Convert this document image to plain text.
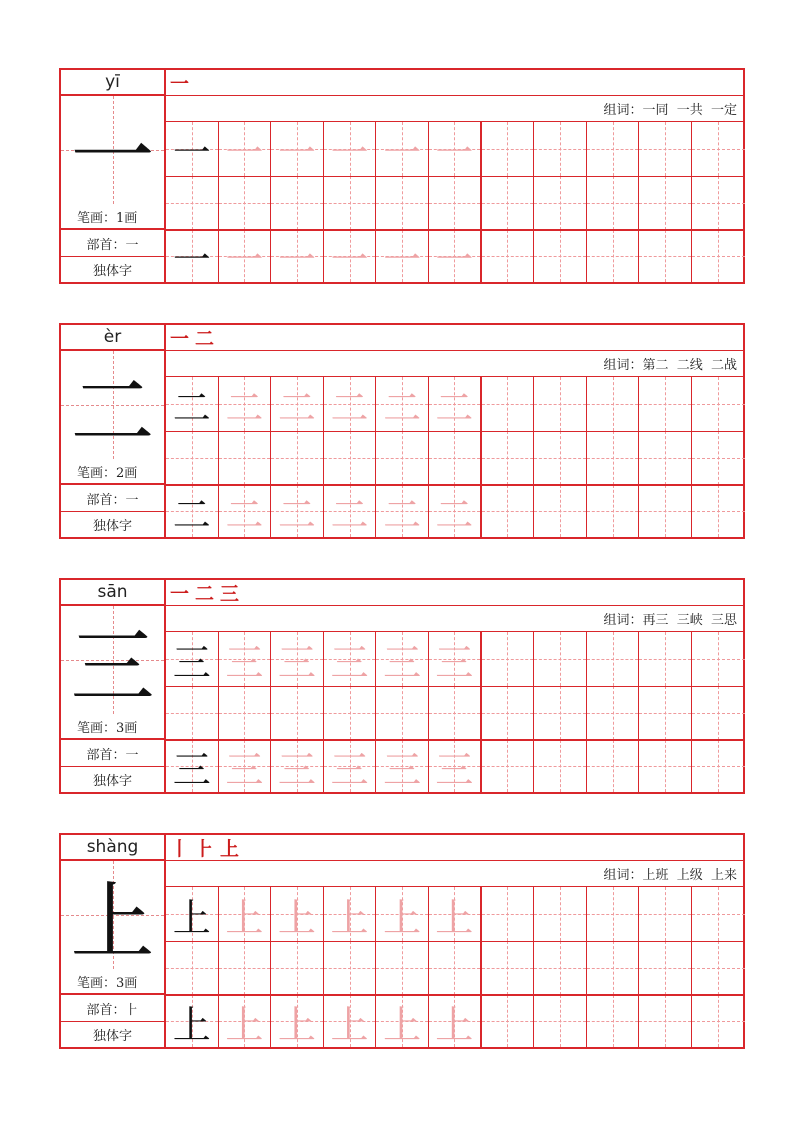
yī
一
笔画：1画
部首：一
独体字
一
组词：一同  一共  一定
一 一 一 一 一 一
一 一 一 一 一 一
èr
二
笔画：2画
部首：一
独体字
一 二
组词：第二  二线  二战
二 二 二 二 二 二
二 二 二 二 二 二
sān
三
笔画：3画
部首：一
独体字
一 二 三
组词：再三  三峡  三思
三 三 三 三 三 三
三 三 三 三 三 三
shàng
上
笔画：3画
部首：⺊
独体字
丨 ⺊ 上
组词：上班  上级  上来
上 上 上 上 上 上
上 上 上 上 上 上
